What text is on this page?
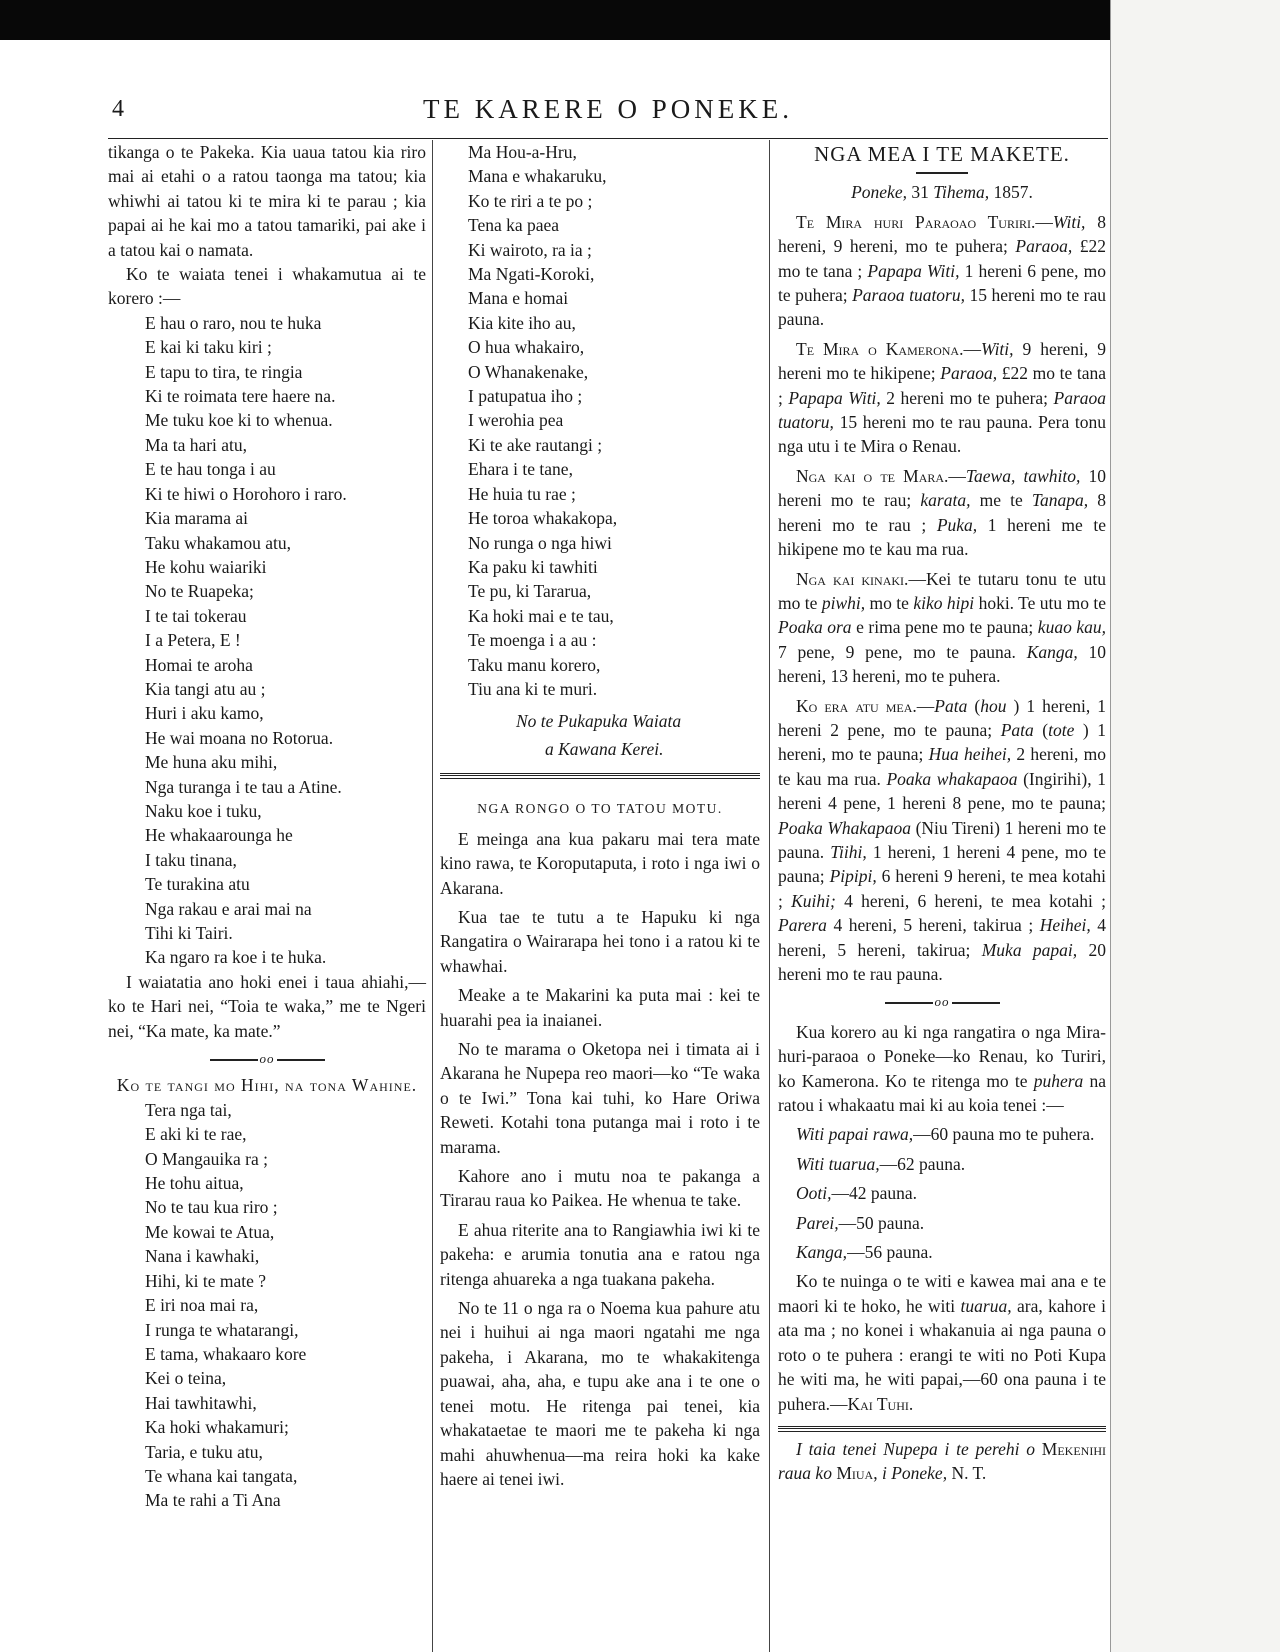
4	TE KARERE O PONEKE.

tikanga o te Pakeka. Kia uaua tatou kia riro mai ai etahi o a ratou taonga ma tatou; kia whiwhi ai tatou ki te mira ki te parau ; kia papai ai he kai mo a tatou tamariki, pai ake i a tatou kai o namata.

Ko te waiata tenei i whakamutua ai te korero :—

E hau o raro, nou te huka
E kai ki taku kiri ;
E tapu to tira, te ringia
Ki te roimata tere haere na.
Me tuku koe ki to whenua.
Ma ta hari atu,
E te hau tonga i au
Ki te hiwi o Horohoro i raro.
Kia marama ai
Taku whakamou atu,
He kohu waiariki
No te Ruapeka;
I te tai tokerau
I a Petera, E !
Homai te aroha
Kia tangi atu au ;
Huri i aku kamo,
He wai moana no Rotorua.
Me huna aku mihi,
Nga turanga i te tau a Atine.
Naku koe i tuku,
He whakaarounga he
I taku tinana,
Te turakina atu
Nga rakau e arai mai na
Tihi ki Tairi.
Ka ngaro ra koe i te huka.

I waiatatia ano hoki enei i taua ahiahi,—ko te Hari nei, “Toia te waka,” me te Ngeri nei, “Ka mate, ka mate.”

oo
Ko te tangi mo Hihi, na tona Wahine.
Tera nga tai,
E aki ki te rae,
O Mangauika ra ;
He tohu aitua,
No te tau kua riro ;
Me kowai te Atua,
Nana i kawhaki,
Hihi, ki te mate ?
E iri noa mai ra,
I runga te whatarangi,
E tama, whakaaro kore
Kei o teina,
Hai tawhitawhi,
Ka hoki whakamuri;
Taria, e tuku atu,
Te whana kai tangata,
Ma te rahi a Ti Ana
Ma Hou-a-Hru,
Mana e whakaruku,
Ko te riri a te po ;
Tena ka paea
Ki wairoto, ra ia ;
Ma Ngati-Koroki,
Mana e homai
Kia kite iho au,
O hua whakairo,
O Whanakenake,
I patupatua iho ;
I werohia pea
Ki te ake rautangi ;
Ehara i te tane,
He huia tu rae ;
He toroa whakakopa,
No runga o nga hiwi
Ka paku ki tawhiti
Te pu, ki Tararua,
Ka hoki mai e te tau,
Te moenga i a au :
Taku manu korero,
Tiu ana ki te muri.
No te Pukapuka Waiata
a Kawana Kerei.
NGA RONGO O TO TATOU MOTU.

E meinga ana kua pakaru mai tera mate kino rawa, te Koroputaputa, i roto i nga iwi o Akarana.

Kua tae te tutu a te Hapuku ki nga Rangatira o Wairarapa hei tono i a ratou ki te whawhai.

Meake a te Makarini ka puta mai : kei te huarahi pea ia inaianei.

No te marama o Oketopa nei i timata ai i Akarana he Nupepa reo maori—ko “Te waka o te Iwi.” Tona kai tuhi, ko Hare Oriwa Reweti. Kotahi tona putanga mai i roto i te marama.

Kahore ano i mutu noa te pakanga a Tirarau raua ko Paikea. He whenua te take.

E ahua riterite ana to Rangiawhia iwi ki te pakeha: e arumia tonutia ana e ratou nga ritenga ahuareka a nga tuakana pakeha.

No te 11 o nga ra o Noema kua pahure atu nei i huihui ai nga maori ngatahi me nga pakeha, i Akarana, mo te whakakitenga puawai, aha, aha, e tupu ake ana i te one o tenei motu. He ritenga pai tenei, kia whakataetae te maori me te pakeha ki nga mahi ahuwhenua—ma reira hoki ka kake haere ai tenei iwi.

NGA MEA I TE MAKETE.

Poneke, 31 Tihema, 1857.

Te Mira huri Paraoao Turiri.—Witi, 8 hereni, 9 hereni, mo te puhera; Paraoa, £22 mo te tana ; Papapa Witi, 1 hereni 6 pene, mo te puhera; Paraoa tuatoru, 15 hereni mo te rau pauna.

Te Mira o Kamerona.—Witi, 9 hereni, 9 hereni mo te hikipene; Paraoa, £22 mo te tana ; Papapa Witi, 2 hereni mo te puhera; Paraoa tuatoru, 15 hereni mo te rau pauna. Pera tonu nga utu i te Mira o Renau.

Nga kai o te Mara.—Taewa, tawhito, 10 hereni mo te rau; karata, me te Tanapa, 8 hereni mo te rau ; Puka, 1 hereni me te hikipene mo te kau ma rua.

Nga kai kinaki.—Kei te tutaru tonu te utu mo te piwhi, mo te kiko hipi hoki. Te utu mo te Poaka ora e rima pene mo te pauna; kuao kau, 7 pene, 9 pene, mo te pauna. Kanga, 10 hereni, 13 hereni, mo te puhera.

Ko era atu mea.—Pata (hou ) 1 hereni, 1 hereni 2 pene, mo te pauna; Pata (tote ) 1 hereni, mo te pauna; Hua heihei, 2 hereni, mo te kau ma rua. Poaka whakapaoa (Ingirihi), 1 hereni 4 pene, 1 hereni 8 pene, mo te pauna; Poaka Whakapaoa (Niu Tireni) 1 hereni mo te pauna. Tiihi, 1 hereni, 1 hereni 4 pene, mo te pauna; Pipipi, 6 hereni 9 hereni, te mea kotahi ; Kuihi; 4 hereni, 6 hereni, te mea kotahi ; Parera 4 hereni, 5 hereni, takirua ; Heihei, 4 hereni, 5 hereni, takirua; Muka papai, 20 hereni mo te rau pauna.

oo

Kua korero au ki nga rangatira o nga Mira-huri-paraoa o Poneke—ko Renau, ko Turiri, ko Kamerona. Ko te ritenga mo te puhera na ratou i whakaatu mai ki au koia tenei :—

Witi papai rawa,—60 pauna mo te puhera.

Witi tuarua,—62 pauna.

Ooti,—42 pauna.

Parei,—50 pauna.

Kanga,—56 pauna.

Ko te nuinga o te witi e kawea mai ana e te maori ki te hoko, he witi tuarua, ara, kahore i ata ma ; no konei i whakanuia ai nga pauna o roto o te puhera : erangi te witi no Poti Kupa he witi ma, he witi papai,—60 ona pauna i te puhera.—Kai Tuhi.

I taia tenei Nupepa i te perehi o Mekenihi raua ko Miua, i Poneke, N. T.
